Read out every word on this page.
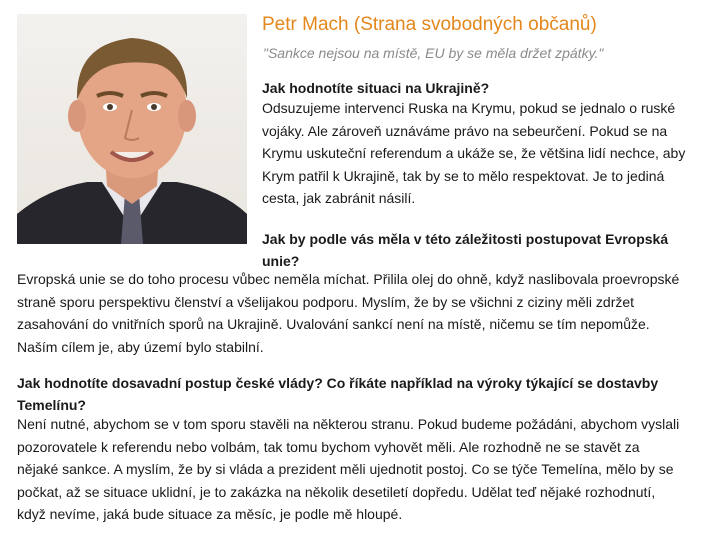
Petr Mach (Strana svobodných občanů)
"Sankce nejsou na místě, EU by se měla držet zpátky."
Jak hodnotíte situaci na Ukrajině?
Odsuzujeme intervenci Ruska na Krymu, pokud se jednalo o ruské
vojáky. Ale zároveň uznáváme právo na sebeurčení. Pokud se na
Krymu uskuteční referendum a ukáže se, že většina lidí nechce, aby
Krym patřil k Ukrajině, tak by se to mělo respektovat. Je to jediná
cesta, jak zabránit násilí.
Jak by podle vás měla v této záležitosti postupovat Evropská
unie?
Evropská unie se do toho procesu vůbec neměla míchat. Přilila olej do ohně, když naslibovala proevropské
straně sporu perspektivu členství a všelijakou podporu. Myslím, že by se všichni z ciziny měli zdržet
zasahování do vnitřních sporů na Ukrajině. Uvalování sankcí není na místě, ničemu se tím nepomůže.
Naším cílem je, aby území bylo stabilní.
Jak hodnotíte dosavadní postup české vlády? Co říkáte například na výroky týkající se dostavby
Temelínu?
Není nutné, abychom se v tom sporu stavěli na některou stranu. Pokud budeme požádáni, abychom vyslali
pozorovatele k referendu nebo volbám, tak tomu bychom vyhovět měli. Ale rozhodně ne se stavět za
nějaké sankce. A myslím, že by si vláda a prezident měli ujednotit postoj. Co se týče Temelína, mělo by se
počkat, až se situace uklidní, je to zakázka na několik desetiletí dopředu. Udělat teď nějaké rozhodnutí,
když nevíme, jaká bude situace za měsíc, je podle mě hloupé.
